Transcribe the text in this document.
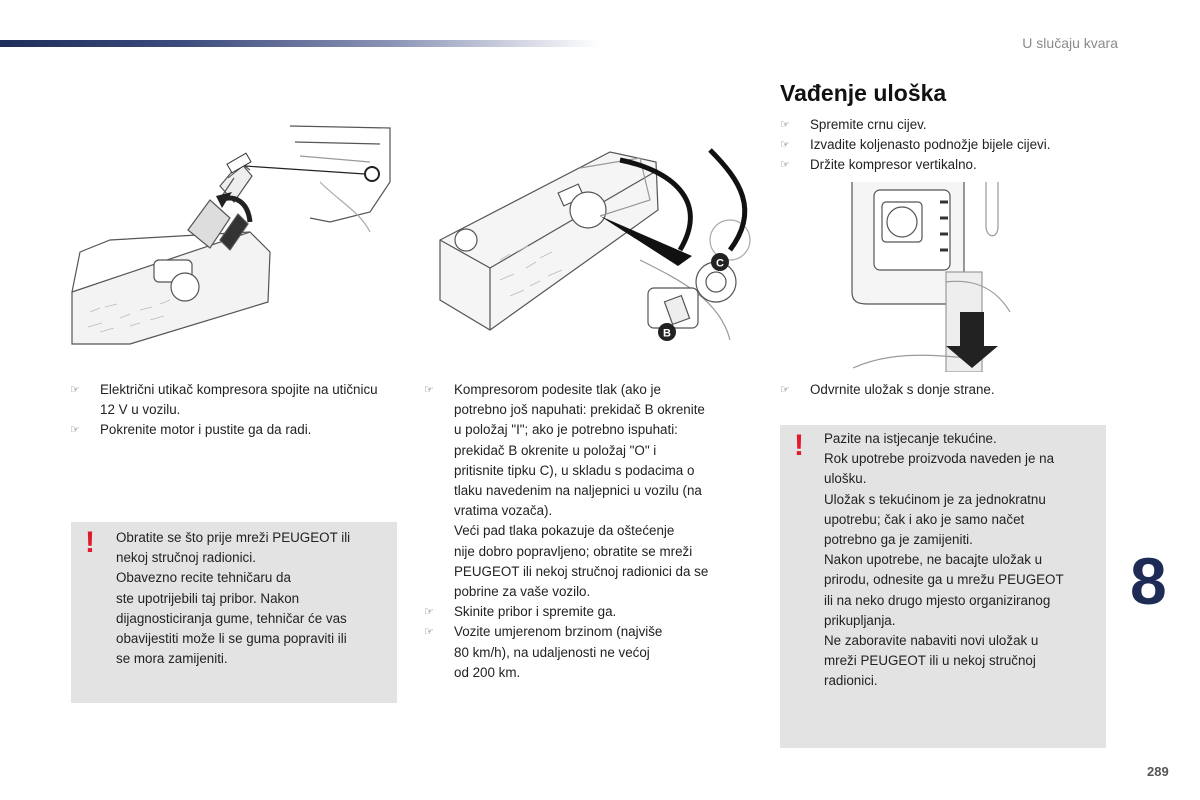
U slučaju kvara
C
B
☞ Električni utikač kompresora spojite na utičnicu 12 V u vozilu.
☞ Pokrenite motor i pustite ga da radi.
! Obratite se što prije mreži PEUGEOT ili
nekoj stručnoj radionici.
Obavezno recite tehničaru da
ste upotrijebili taj pribor. Nakon
dijagnosticiranja gume, tehničar će vas
obavijestiti može li se guma popraviti ili
se mora zamijeniti.
☞ Kompresorom podesite tlak (ako je
potrebno još napuhati: prekidač B okrenite
u položaj "I"; ako je potrebno ispuhati:
prekidač B okrenite u položaj "O" i
pritisnite tipku C), u skladu s podacima o
tlaku navedenim na naljepnici u vozilu (na
vratima vozača).
Veći pad tlaka pokazuje da oštećenje
nije dobro popravljeno; obratite se mreži
PEUGEOT ili nekoj stručnoj radionici da se
pobrine za vaše vozilo.
☞ Skinite pribor i spremite ga.
☞ Vozite umjerenom brzinom (najviše
80 km/h), na udaljenosti ne većoj
od 200 km.
Vađenje uloška
☞ Spremite crnu cijev.
☞ Izvadite koljenasto podnožje bijele cijevi.
☞ Držite kompresor vertikalno.
☞ Odvrnite uložak s donje strane.
! Pazite na istjecanje tekućine.
Rok upotrebe proizvoda naveden je na
ulošku.
Uložak s tekućinom je za jednokratnu
upotrebu; čak i ako je samo načet
potrebno ga je zamijeniti.
Nakon upotrebe, ne bacajte uložak u
prirodu, odnesite ga u mrežu PEUGEOT
ili na neko drugo mjesto organiziranog
prikupljanja.
Ne zaboravite nabaviti novi uložak u
mreži PEUGEOT ili u nekoj stručnoj
radionici.
8
289
